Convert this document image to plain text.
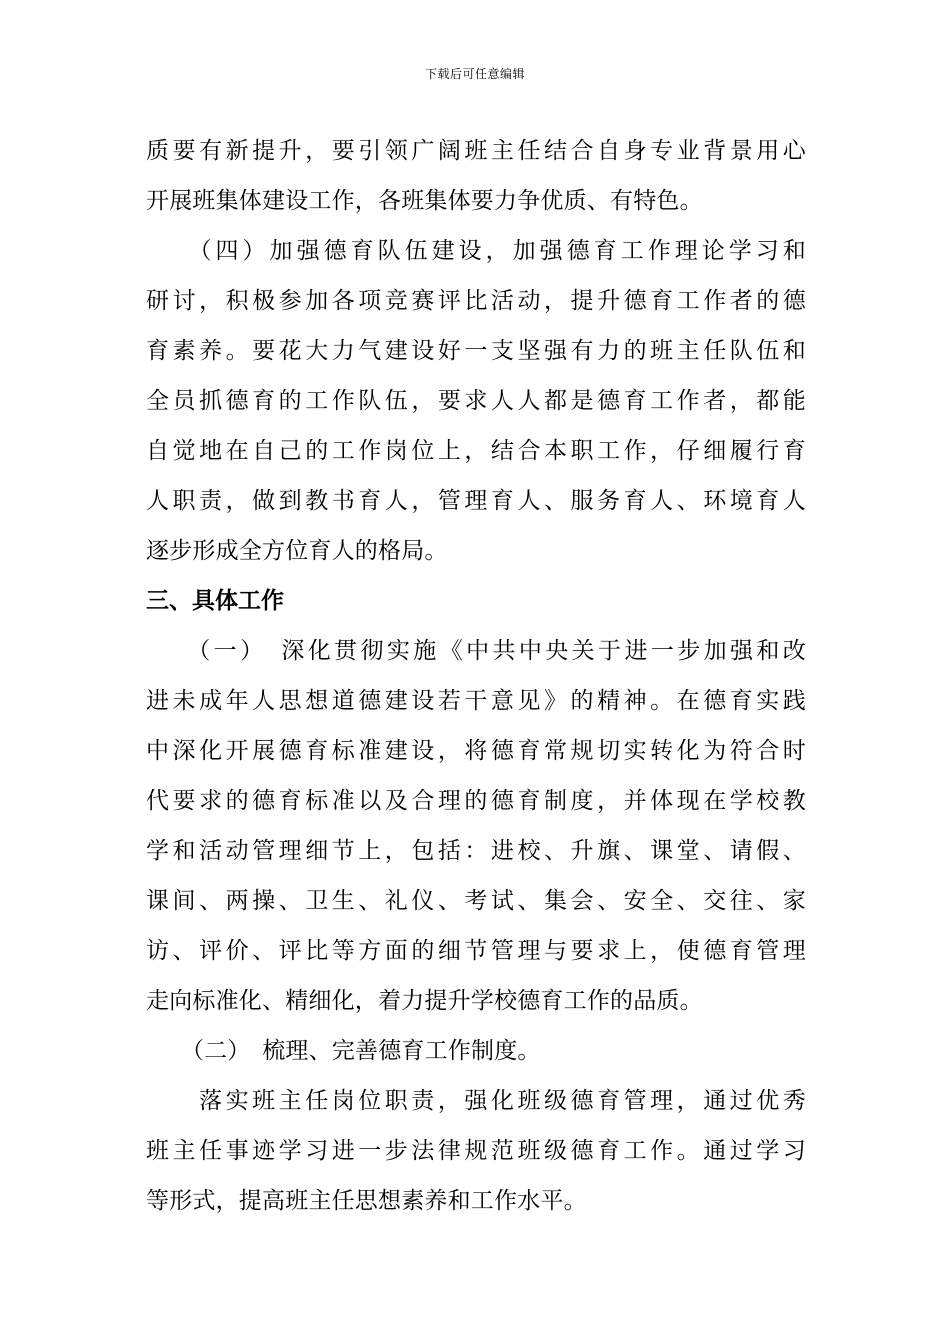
下载后可任意编辑
质要有新提升，要引领广阔班主任结合自身专业背景用心
开展班集体建设工作，各班集体要力争优质、有特色。
　　（四）加强德育队伍建设，加强德育工作理论学习和
研讨，积极参加各项竞赛评比活动，提升德育工作者的德
育素养。要花大力气建设好一支坚强有力的班主任队伍和
全员抓德育的工作队伍，要求人人都是德育工作者，都能
自觉地在自己的工作岗位上，结合本职工作，仔细履行育
人职责，做到教书育人，管理育人、服务育人、环境育人
逐步形成全方位育人的格局。
三、具体工作
　　（一）　深化贯彻实施《中共中央关于进一步加强和改
进未成年人思想道德建设若干意见》的精神。在德育实践
中深化开展德育标准建设，将德育常规切实转化为符合时
代要求的德育标准以及合理的德育制度，并体现在学校教
学和活动管理细节上，包括：进校、升旗、课堂、请假、
课间、两操、卫生、礼仪、考试、集会、安全、交往、家
访、评价、评比等方面的细节管理与要求上，使德育管理
走向标准化、精细化，着力提升学校德育工作的品质。
　　（二）　梳理、完善德育工作制度。
　　落实班主任岗位职责，强化班级德育管理，通过优秀
班主任事迹学习进一步法律规范班级德育工作。通过学习
等形式，提高班主任思想素养和工作水平。
